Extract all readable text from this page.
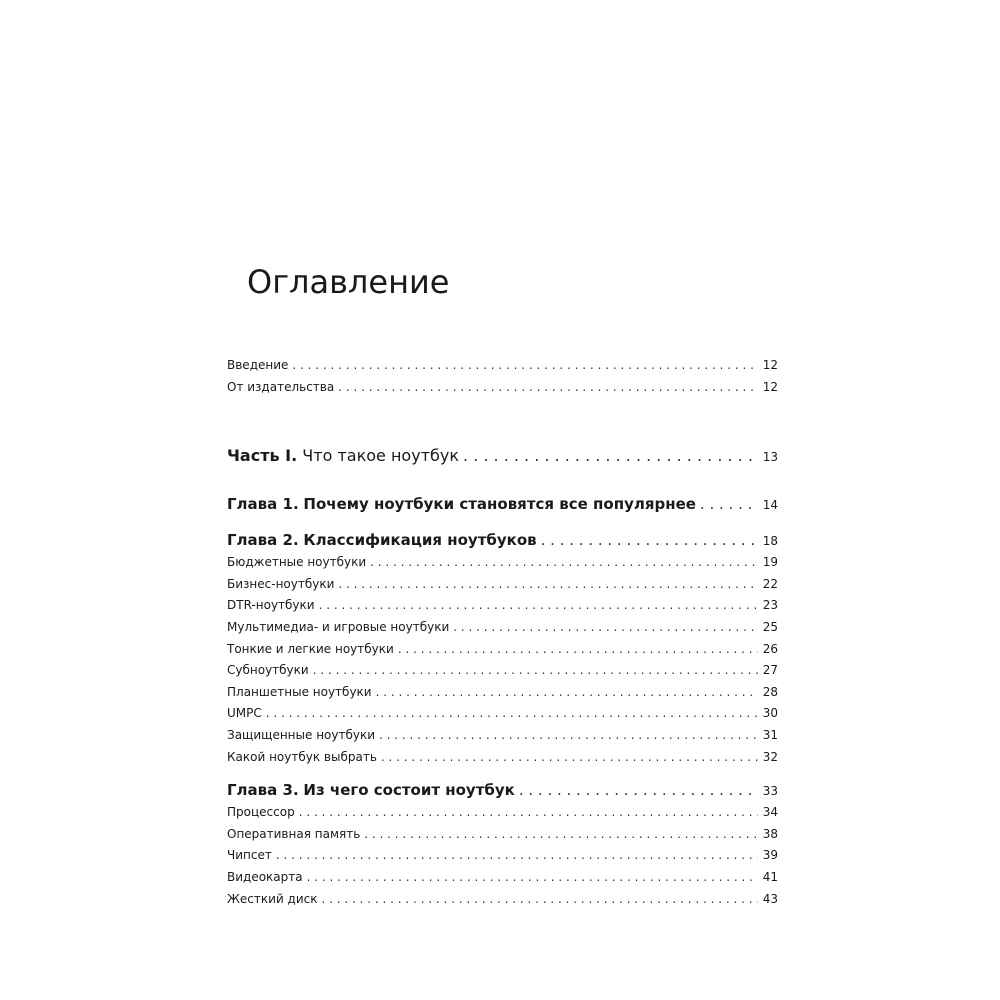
Оглавление
Введение . . .	12
От издательства . . .	12
Часть I. Что такое ноутбук . . .	13
Глава 1. Почему ноутбуки становятся все популярнее . . .	14
Глава 2. Классификация ноутбуков . . .	18
Бюджетные ноутбуки . . .	19
Бизнес-ноутбуки . . .	22
DTR-ноутбуки . . .	23
Мультимедиа- и игровые ноутбуки . . .	25
Тонкие и легкие ноутбуки . . .	26
Субноутбуки . . .	27
Планшетные ноутбуки . . .	28
UMPC . . .	30
Защищенные ноутбуки . . .	31
Какой ноутбук выбрать . . .	32
Глава 3. Из чего состоит ноутбук . . .	33
Процессор . . .	34
Оперативная память . . .	38
Чипсет . . .	39
Видеокарта . . .	41
Жесткий диск . . .	43
